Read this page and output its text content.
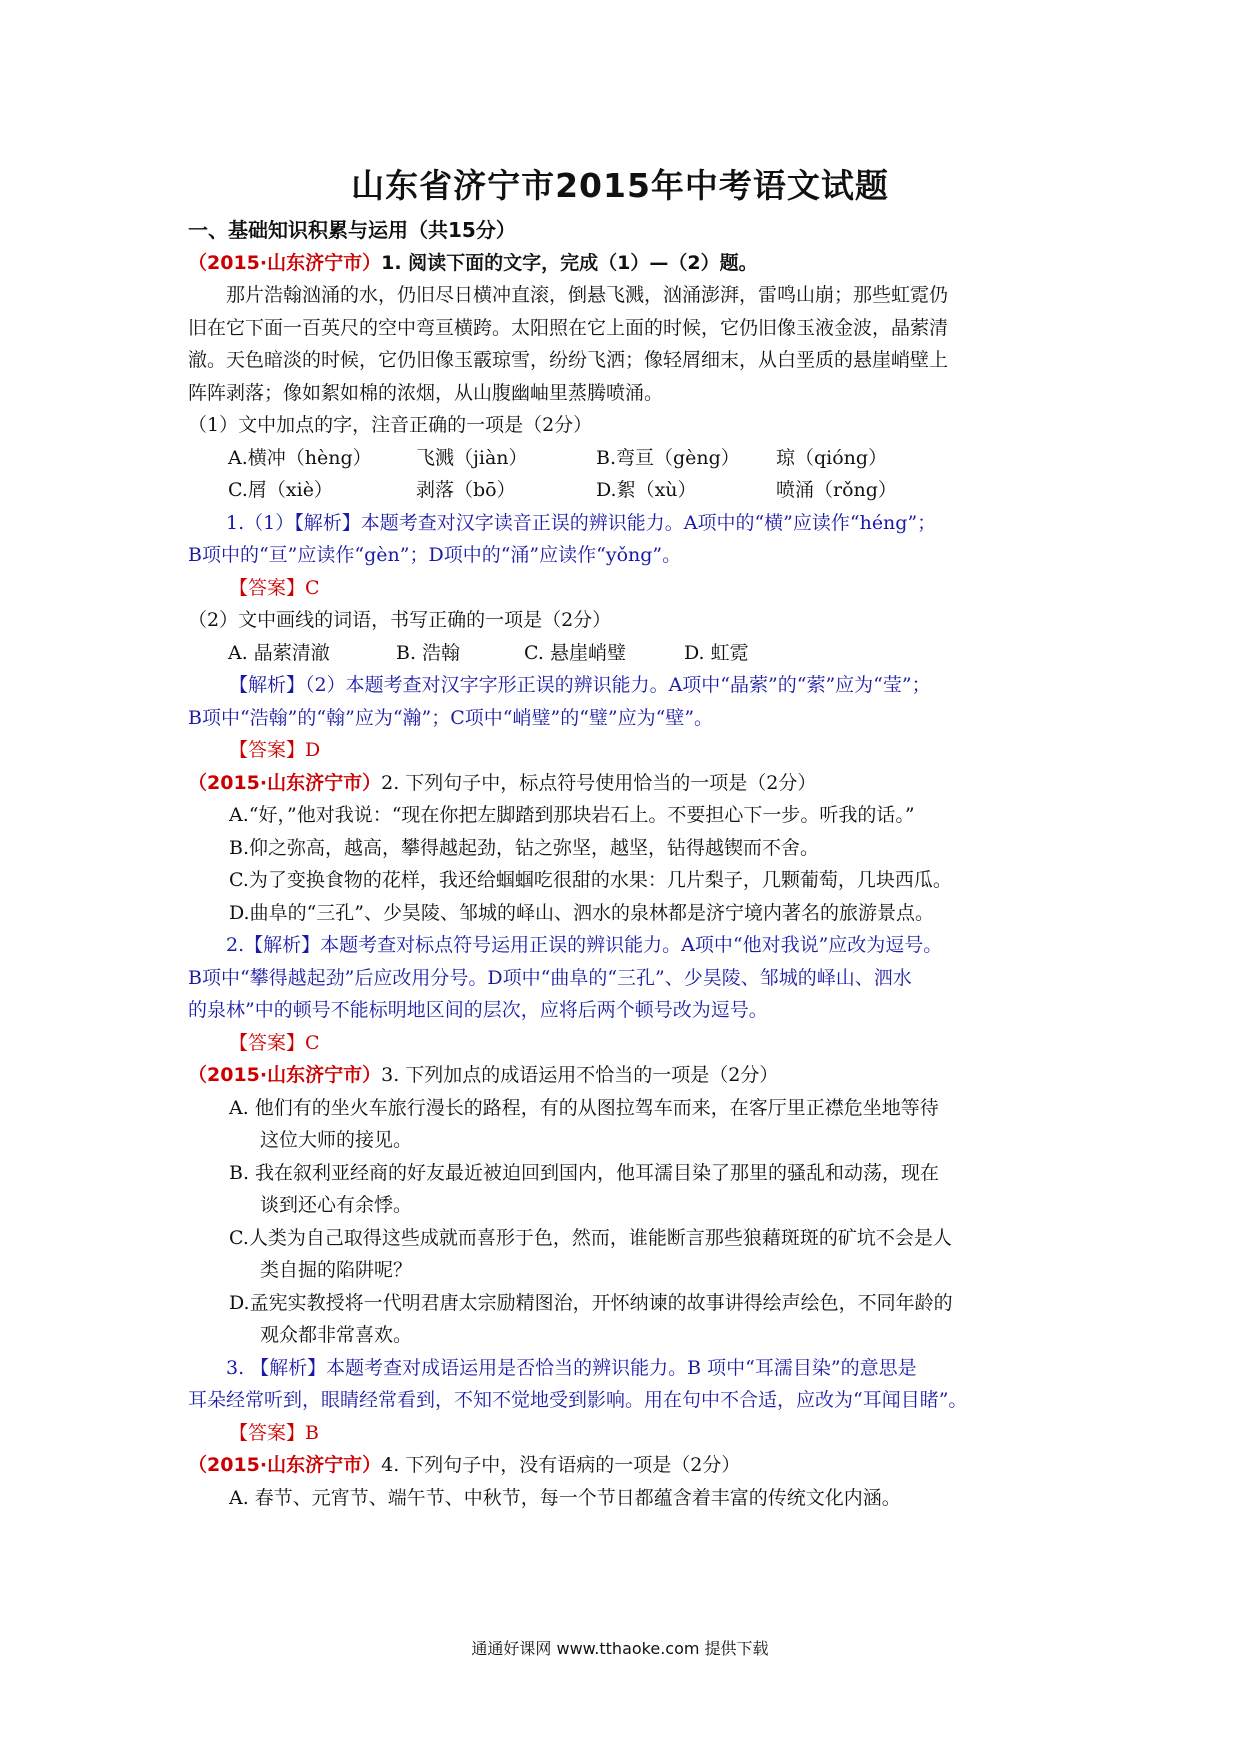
山东省济宁市2015年中考语文试题

一、基础知识积累与运用（共15分）

（2015·山东济宁市）1. 阅读下面的文字，完成（1）—（2）题。

那片浩翰汹涌的水，仍旧尽日横冲直滚，倒悬飞溅，汹涌澎湃，雷鸣山崩；那些虹霓仍

旧在它下面一百英尺的空中弯亘横跨。太阳照在它上面的时候，它仍旧像玉液金波，晶萦清

澈。天色暗淡的时候，它仍旧像玉霰琼雪，纷纷飞洒；像轻屑细末，从白垩质的悬崖峭壁上

阵阵剥落；像如絮如棉的浓烟，从山腹幽岫里蒸腾喷涌。

（1）文中加点的字，注音正确的一项是（2分）

A.横冲（hèng）	飞溅（jiàn）	B.弯亘（gèng）	琼（qióng）

C.屑（xiè）	剥落（bō）	D.絮（xù）	喷涌（rǒng）

1.（1）【解析】本题考查对汉字读音正误的辨识能力。A项中的“横”应读作“héng”；

B项中的“亘”应读作“gèn”；D项中的“涌”应读作“yǒng”。

【答案】C

（2）文中画线的词语，书写正确的一项是（2分）

A. 晶萦清澈	B. 浩翰	C. 悬崖峭璧	D. 虹霓

【解析】（2）本题考查对汉字字形正误的辨识能力。A项中“晶萦”的“萦”应为“莹”；

B项中“浩翰”的“翰”应为“瀚”；C项中“峭璧”的“璧”应为“壁”。

【答案】D

（2015·山东济宁市）2. 下列句子中，标点符号使用恰当的一项是（2分）

A.“好，”他对我说：“现在你把左脚踏到那块岩石上。不要担心下一步。听我的话。”

B.仰之弥高，越高，攀得越起劲，钻之弥坚，越坚，钻得越锲而不舍。

C.为了变换食物的花样，我还给蝈蝈吃很甜的水果：几片梨子，几颗葡萄，几块西瓜。

D.曲阜的“三孔”、少昊陵、邹城的峄山、泗水的泉林都是济宁境内著名的旅游景点。

2.【解析】本题考查对标点符号运用正误的辨识能力。A项中“他对我说”应改为逗号。

B项中“攀得越起劲”后应改用分号。D项中“曲阜的“三孔”、少昊陵、邹城的峄山、泗水

的泉林”中的顿号不能标明地区间的层次，应将后两个顿号改为逗号。

【答案】C

（2015·山东济宁市）3. 下列加点的成语运用不恰当的一项是（2分）

A. 他们有的坐火车旅行漫长的路程，有的从图拉驾车而来，在客厅里正襟危坐地等待

这位大师的接见。

B. 我在叙利亚经商的好友最近被迫回到国内，他耳濡目染了那里的骚乱和动荡，现在

谈到还心有余悸。

C.人类为自己取得这些成就而喜形于色，然而，谁能断言那些狼藉斑斑的矿坑不会是人

类自掘的陷阱呢？

D.孟宪实教授将一代明君唐太宗励精图治，开怀纳谏的故事讲得绘声绘色，不同年龄的

观众都非常喜欢。

3. 【解析】本题考查对成语运用是否恰当的辨识能力。B 项中“耳濡目染”的意思是

耳朵经常听到，眼睛经常看到，不知不觉地受到影响。用在句中不合适，应改为“耳闻目睹”。

【答案】B

（2015·山东济宁市）4. 下列句子中，没有语病的一项是（2分）

A. 春节、元宵节、端午节、中秋节，每一个节日都蕴含着丰富的传统文化内涵。

通通好课网 www.tthaoke.com 提供下载
